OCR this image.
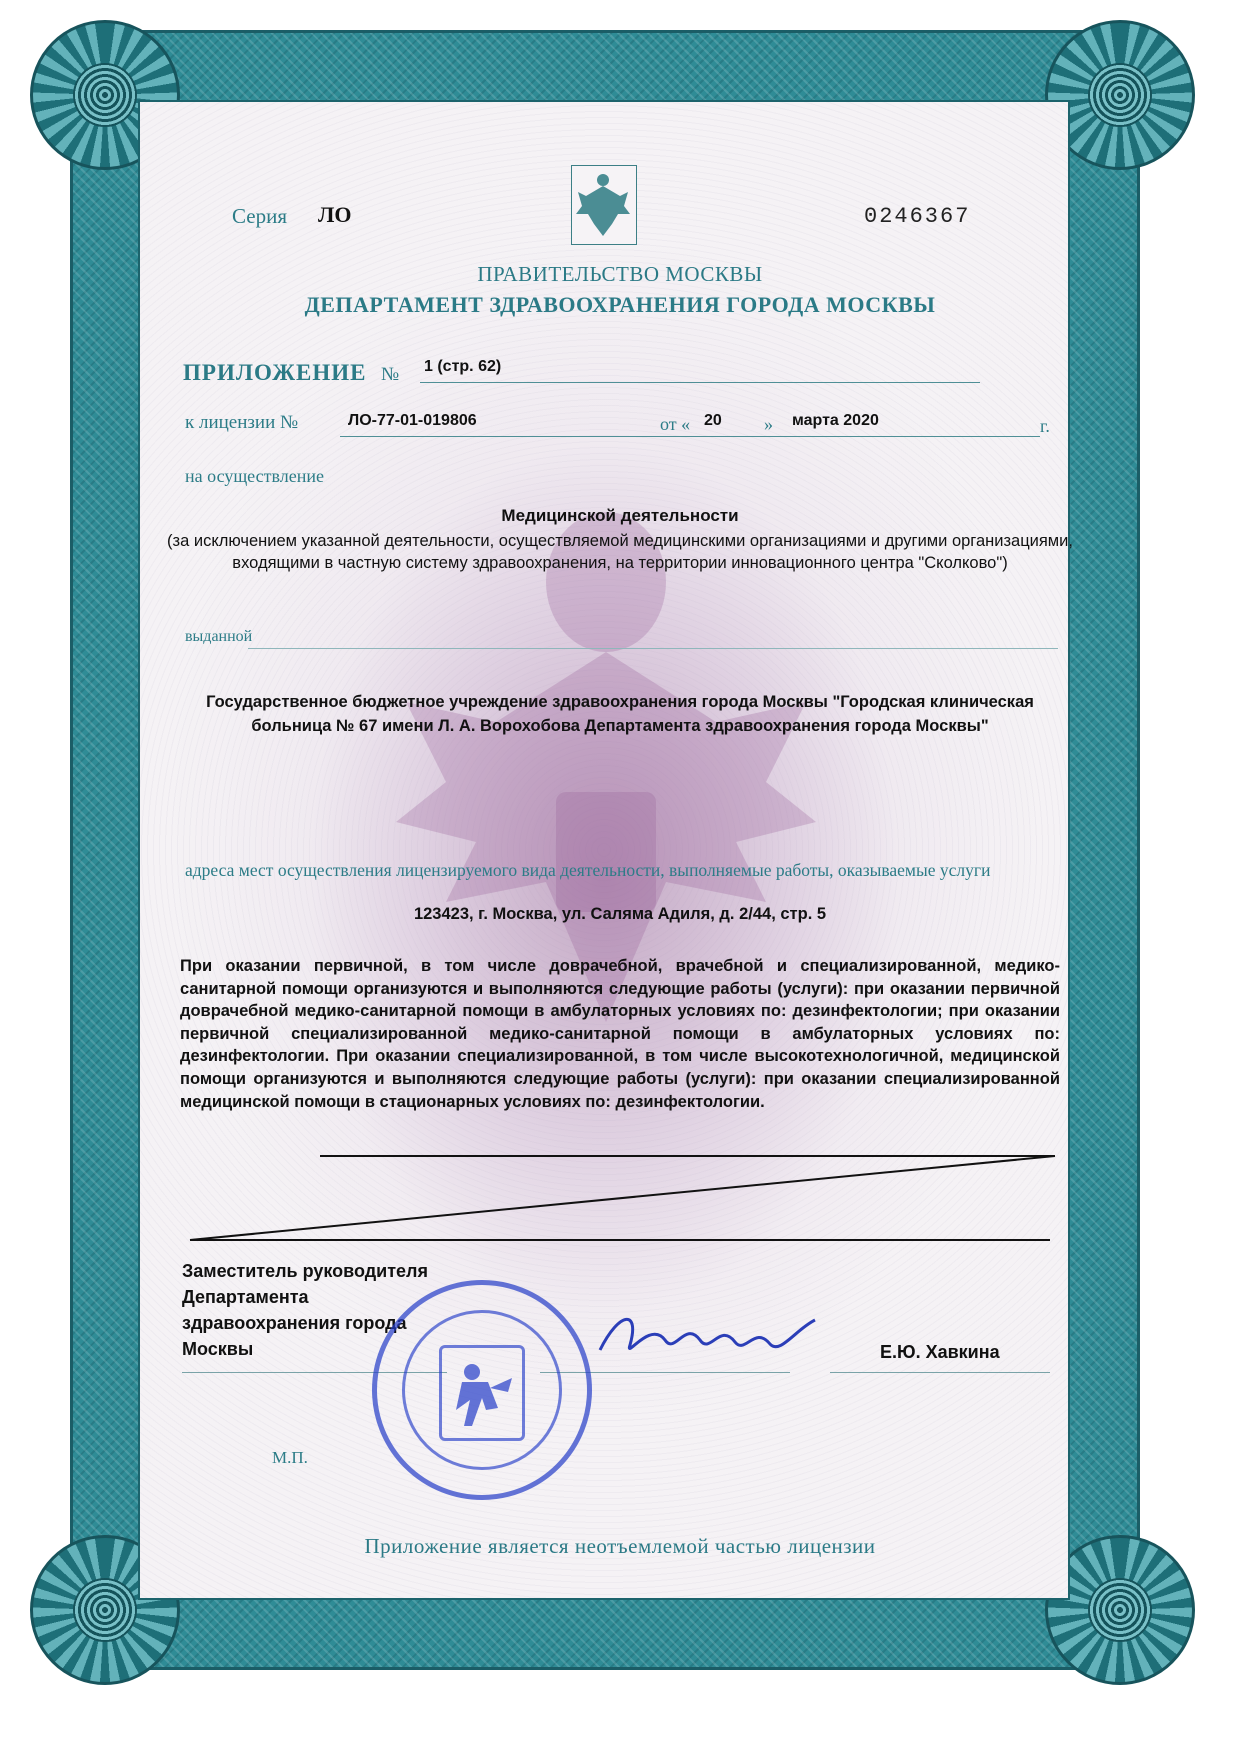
Серия ЛО	0246367
ПРАВИТЕЛЬСТВО МОСКВЫ
ДЕПАРТАМЕНТ ЗДРАВООХРАНЕНИЯ ГОРОДА МОСКВЫ
ПРИЛОЖЕНИЕ № 1 (стр. 62)
к лицензии №	ЛО-77-01-019806	от « 20 » марта 2020	г.
на осуществление
Медицинской деятельности
(за исключением указанной деятельности, осуществляемой медицинскими организациями и другими организациями, входящими в частную систему здравоохранения, на территории инновационного центра "Сколково")
выданной
Государственное бюджетное учреждение здравоохранения города Москвы "Городская клиническая больница № 67 имени Л. А. Ворохобова Департамента здравоохранения города Москвы"
адреса мест осуществления лицензируемого вида деятельности, выполняемые работы, оказываемые услуги
123423, г. Москва, ул. Саляма Адиля, д. 2/44, стр. 5
При оказании первичной, в том числе доврачебной, врачебной и специализированной, медико-санитарной помощи организуются и выполняются следующие работы (услуги): при оказании первичной доврачебной медико-санитарной помощи в амбулаторных условиях по: дезинфектологии; при оказании первичной специализированной медико-санитарной помощи в амбулаторных условиях по: дезинфектологии. При оказании специализированной, в том числе высокотехнологичной, медицинской помощи организуются и выполняются следующие работы (услуги): при оказании специализированной медицинской помощи в стационарных условиях по: дезинфектологии.
Заместитель руководителя
Департамента
здравоохранения города
Москвы	Е.Ю. Хавкина
М.П.
Приложение является неотъемлемой частью лицензии
